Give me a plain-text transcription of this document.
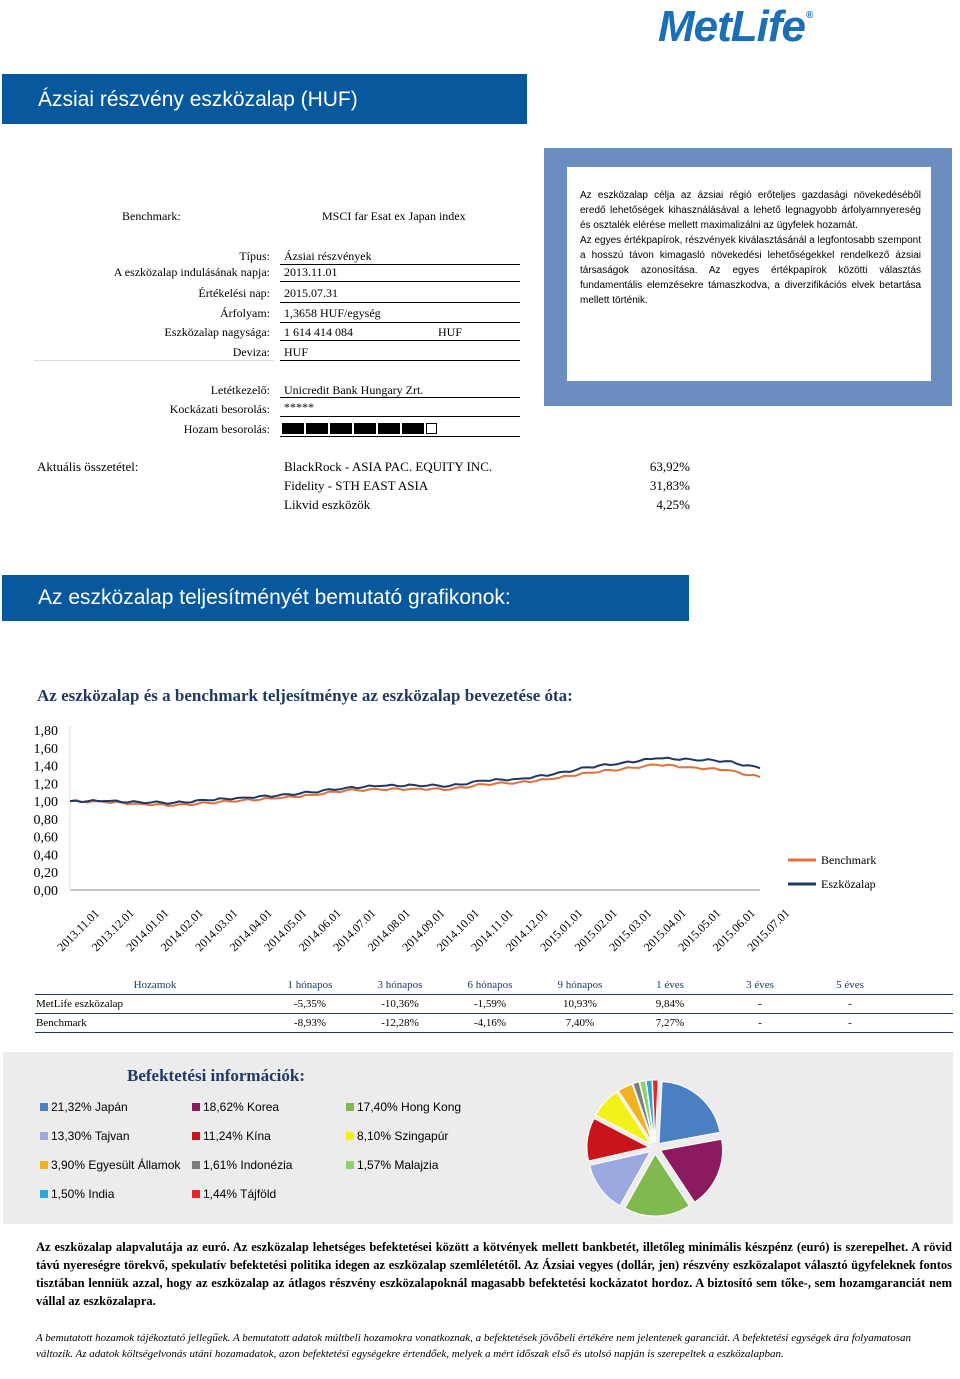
MetLife®
Ázsiai részvény eszközalap (HUF)
Benchmark:	MSCI far Esat ex Japan index
Típus: Ázsiai részvények
A eszközalap indulásának napja: 2013.11.01
Értékelési nap: 2015.07.31
Árfolyam: 1,3658 HUF/egység
Eszközalap nagysága: 1 614 414 084	HUF
Deviza: HUF
Az eszközalap célja az ázsiai régió erőteljes gazdasági növekedéséből eredő lehetőségek kihasználásával a lehető legnagyobb árfolyamnyereség és osztalék elérése mellett maximalizálni az ügyfelek hozamát.
Az egyes értékpapírok, részvények kiválasztásánál a legfontosabb szempont a hosszú távon kimagasló növekedési lehetőségekkel rendelkező ázsiai társaságok azonosítása. Az egyes értékpapírok közötti választás fundamentális elemzésekre támaszkodva, a diverzifikációs elvek betartása mellett történik.
Letétkezelő: Unicredit Bank Hungary Zrt.
Kockázati besorolás: *****
Hozam besorolás:
Aktuális összetétel:	BlackRock - ASIA PAC. EQUITY INC.	63,92%
Fidelity - STH EAST ASIA	31,83%
Likvid eszközök	4,25%
Az eszközalap teljesítményét bemutató grafikonok:
Az eszközalap és a benchmark teljesítménye az eszközalap bevezetése óta:
1,80
1,60
1,40
1,20
1,00
0,80
0,60
0,40
0,20
0,00
2013.11.01
2013.12.01
2014.01.01
2014.02.01
2014.03.01
2014.04.01
2014.05.01
2014.06.01
2014.07.01
2014.08.01
2014.09.01
2014.10.01
2014.11.01
2014.12.01
2015.01.01
2015.02.01
2015.03.01
2015.04.01
2015.05.01
2015.06.01
2015.07.01
Benchmark
Eszközalap
Hozamok	1 hónapos	3 hónapos	6 hónapos	9 hónapos	1 éves	3 éves	5 éves
MetLife eszközalap	-5,35%	-10,36%	-1,59%	10,93%	9,84%	-	-
Benchmark	-8,93%	-12,28%	-4,16%	7,40%	7,27%	-	-
Befektetési információk:
21,32% Japán	18,62% Korea	17,40% Hong Kong
13,30% Tajvan	11,24% Kína	8,10% Szingapúr
3,90% Egyesült Államok 1,61% Indonézia	1,57% Malajzia
1,50% India	1,44% Tájföld
Az eszközalap alapvalutája az euró. Az eszközalap lehetséges befektetései között a kötvények mellett bankbetét, illetőleg minimális készpénz (euró) is szerepelhet. A rövid távú nyereségre törekvő, spekulatív befektetési politika idegen az eszközalap szemléletétől. Az Ázsiai vegyes (dollár, jen) részvény eszközalapot választó ügyfeleknek fontos tisztában lenniük azzal, hogy az eszközalap az átlagos részvény eszközalapoknál magasabb befektetési kockázatot hordoz. A biztosító sem tőke-, sem hozamgaranciát nem vállal az eszközalapra.
A bemutatott hozamok tájékoztató jellegűek. A bemutatott adatok múltbeli hozamokra vonatkoznak, a befektetések jövőbeli értékére nem jelentenek garanciát. A befektetési egységek ára folyamatosan változik. Az adatok költségelvonás utáni hozamadatok, azon befektetési egységekre értendőek, melyek a mért időszak első és utolsó napján is szerepeltek a eszközalapban.
